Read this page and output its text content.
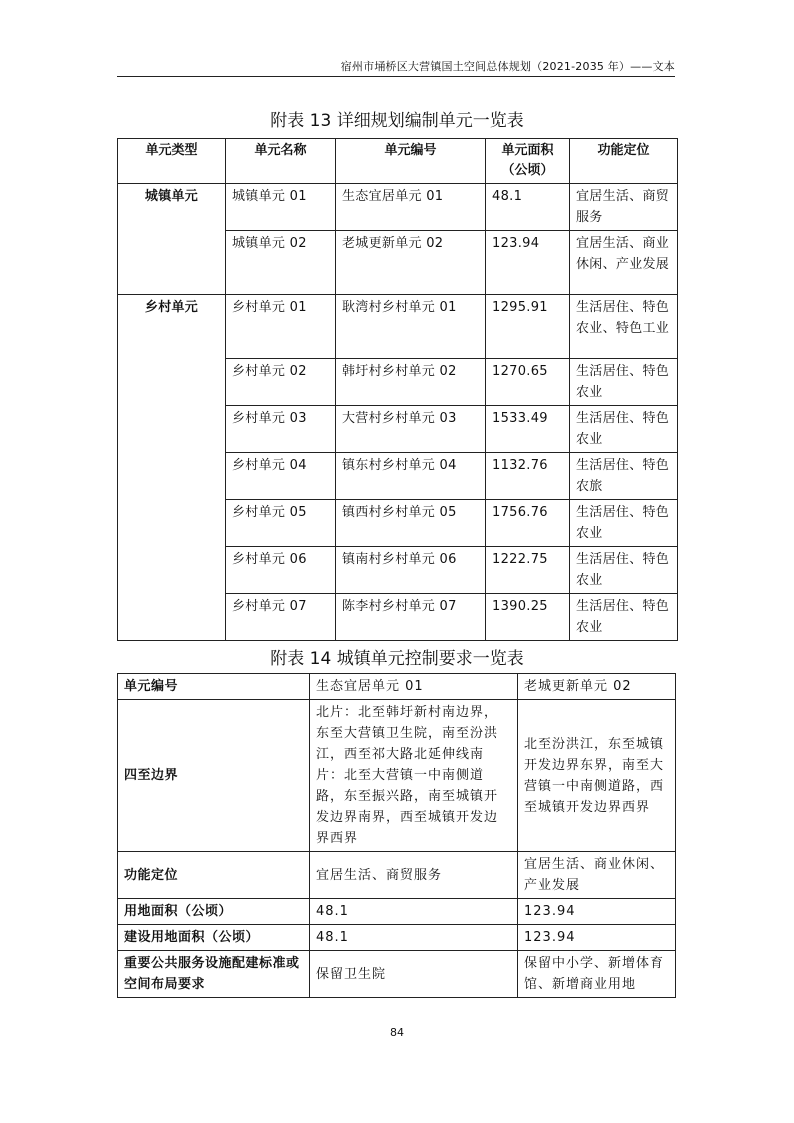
宿州市埇桥区大营镇国土空间总体规划（2021-2035 年）——文本
附表 13 详细规划编制单元一览表
单元类型	单元名称	单元编号	单元面积（公顷）	功能定位
城镇单元	城镇单元 01	生态宜居单元 01	48.1	宜居生活、商贸服务
	城镇单元 02	老城更新单元 02	123.94	宜居生活、商业休闲、产业发展
乡村单元	乡村单元 01	耿湾村乡村单元 01	1295.91	生活居住、特色农业、特色工业
	乡村单元 02	韩圩村乡村单元 02	1270.65	生活居住、特色农业
	乡村单元 03	大营村乡村单元 03	1533.49	生活居住、特色农业
	乡村单元 04	镇东村乡村单元 04	1132.76	生活居住、特色农旅
	乡村单元 05	镇西村乡村单元 05	1756.76	生活居住、特色农业
	乡村单元 06	镇南村乡村单元 06	1222.75	生活居住、特色农业
	乡村单元 07	陈李村乡村单元 07	1390.25	生活居住、特色农业
附表 14 城镇单元控制要求一览表
单元编号	生态宜居单元 01	老城更新单元 02
四至边界	北片：北至韩圩新村南边界，东至大营镇卫生院，南至汾洪江，西至祁大路北延伸线南片：北至大营镇一中南侧道路，东至振兴路，南至城镇开发边界南界，西至城镇开发边界西界	北至汾洪江，东至城镇开发边界东界，南至大营镇一中南侧道路，西至城镇开发边界西界
功能定位	宜居生活、商贸服务	宜居生活、商业休闲、产业发展
用地面积（公顷）	48.1	123.94
建设用地面积（公顷）	48.1	123.94
重要公共服务设施配建标准或空间布局要求	保留卫生院	保留中小学、新增体育馆、新增商业用地
84
